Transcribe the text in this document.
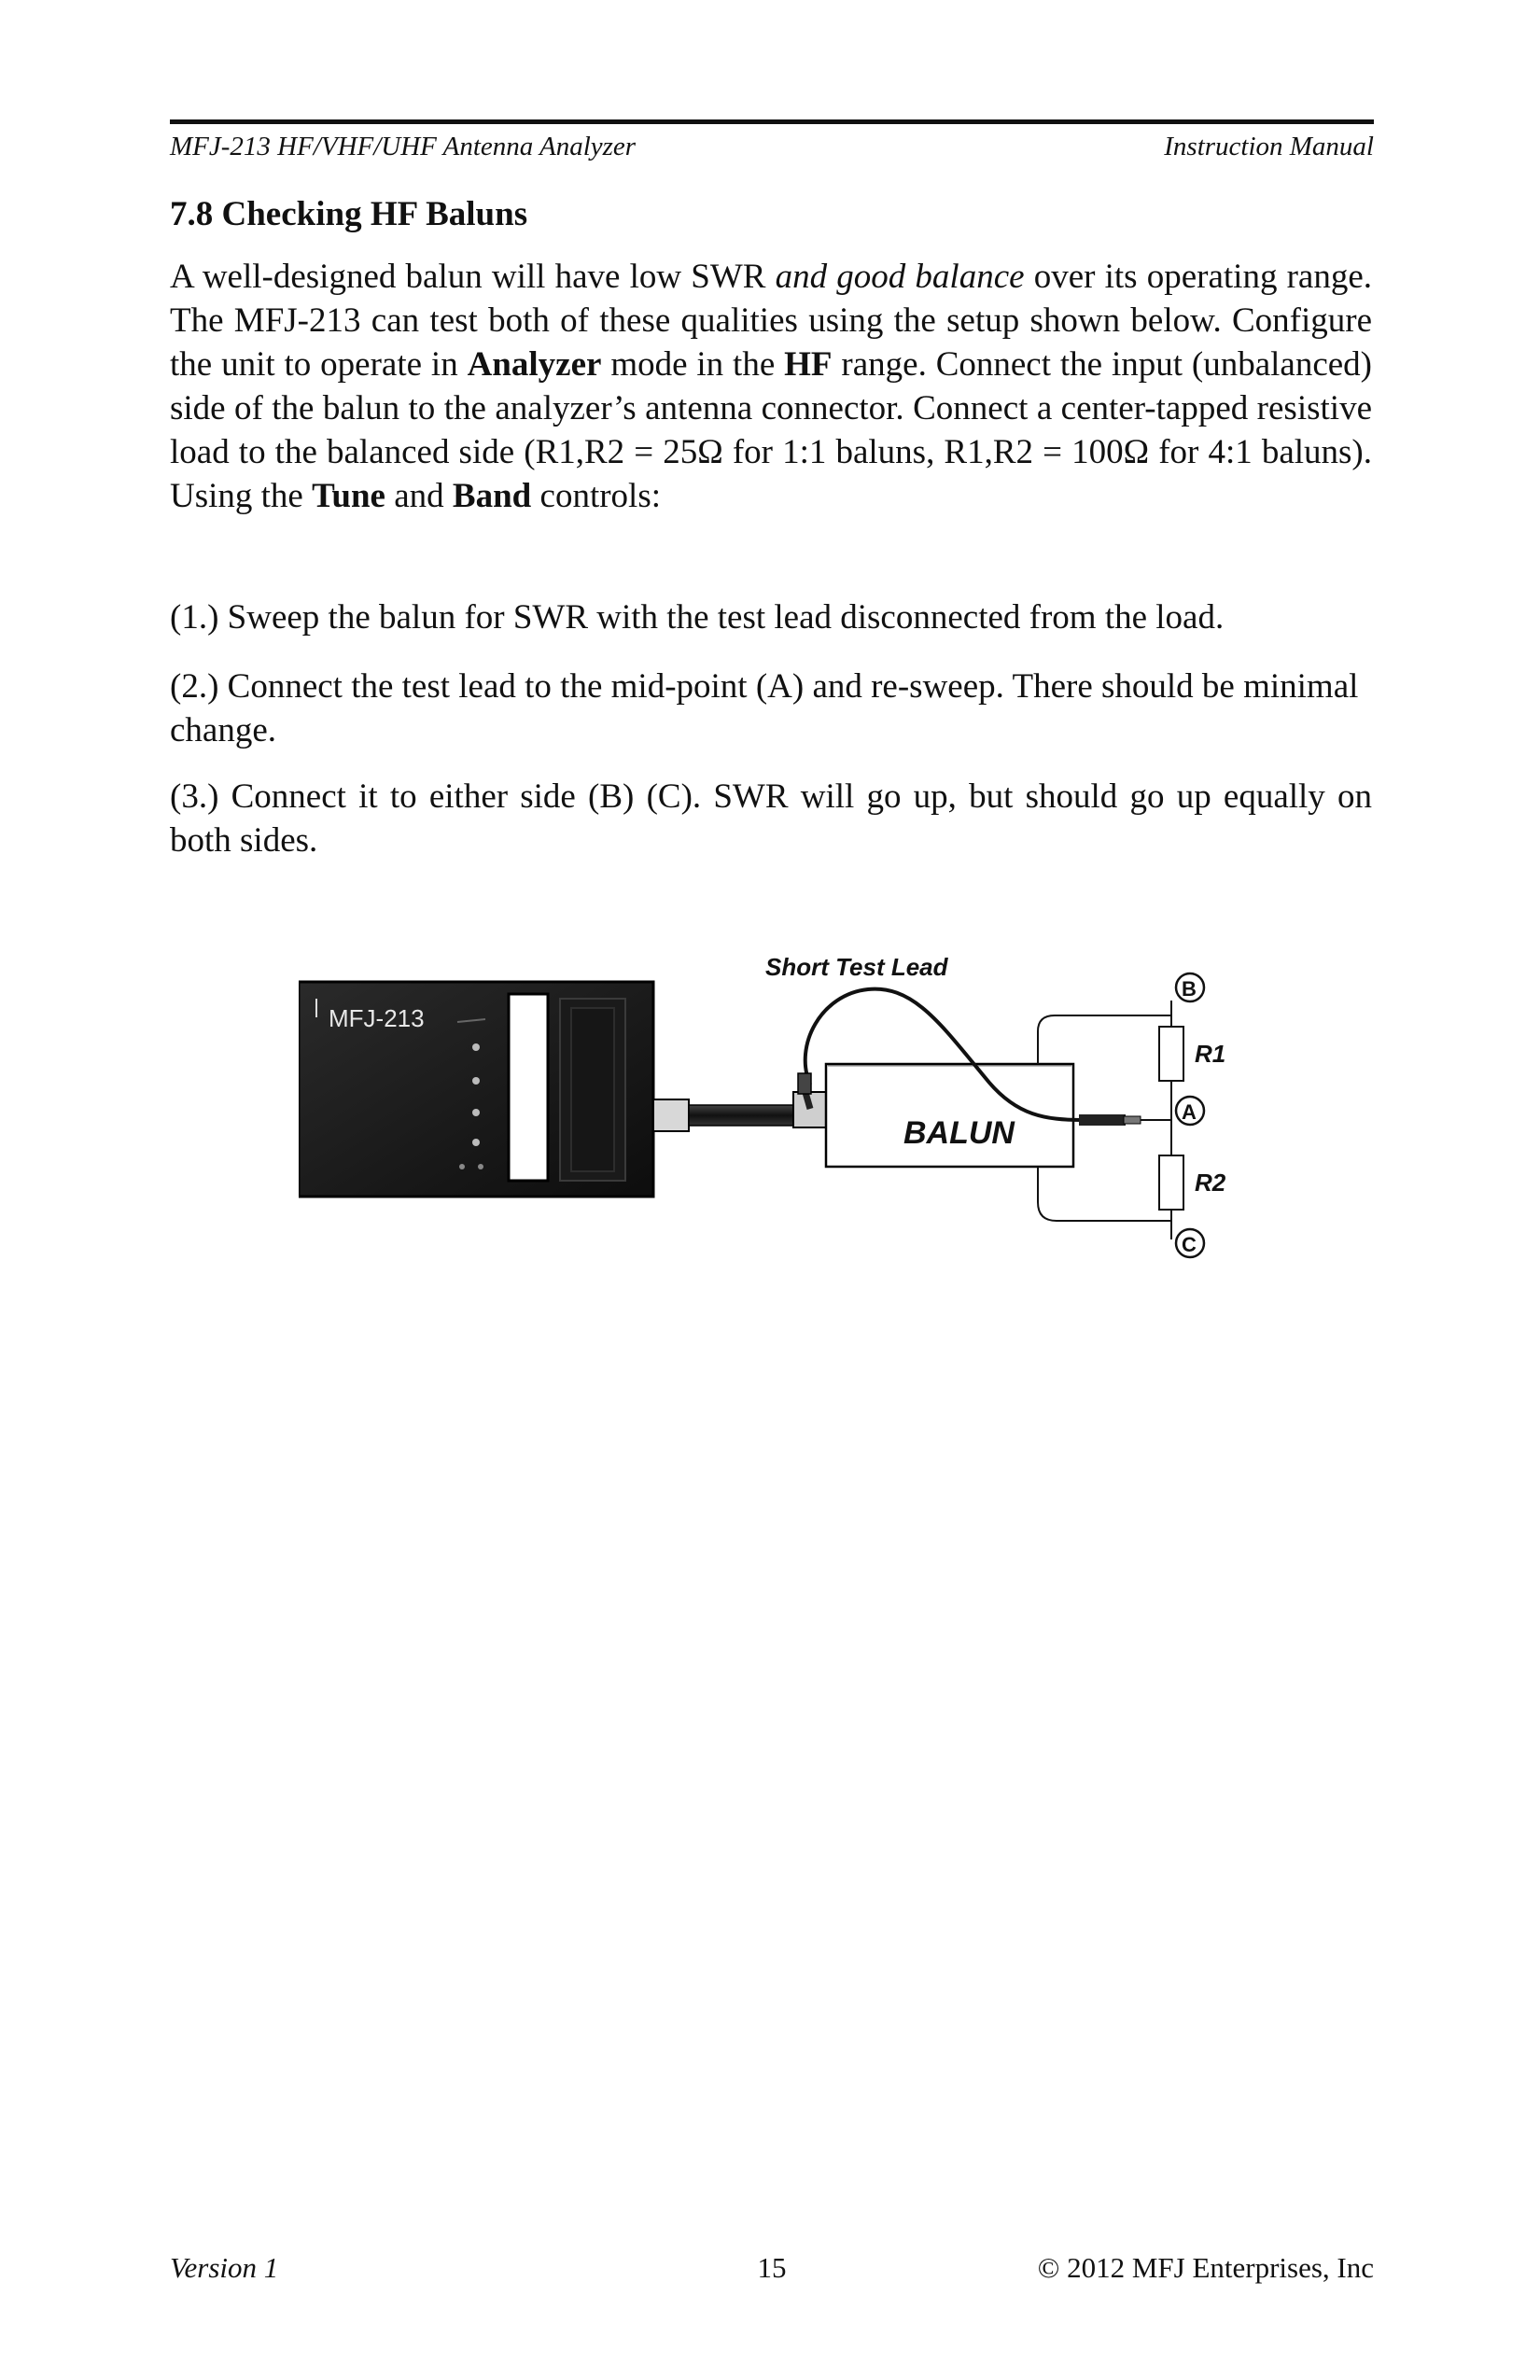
MFJ-213 HF/VHF/UHF Antenna Analyzer	Instruction Manual
7.8 Checking HF Baluns

A well-designed balun will have low SWR and good balance over its operating range. The MFJ-213 can test both of these qualities using the setup shown below. Configure the unit to operate in Analyzer mode in the HF range. Connect the input (unbalanced) side of the balun to the analyzer’s antenna connector. Connect a center-tapped resistive load to the balanced side (R1,R2 = 25Ω for 1:1 baluns, R1,R2 = 100Ω for 4:1 baluns). Using the Tune and Band controls:

(1.) Sweep the balun for SWR with the test lead disconnected from the load.

(2.) Connect the test lead to the mid-point (A) and re-sweep. There should be minimal change.

(3.) Connect it to either side (B) (C). SWR will go up, but should go up equally on both sides.

MFJ-213
BALUN
Short Test Lead
B
A
C
R1
R2
Version 1	15	© 2012 MFJ Enterprises, Inc
